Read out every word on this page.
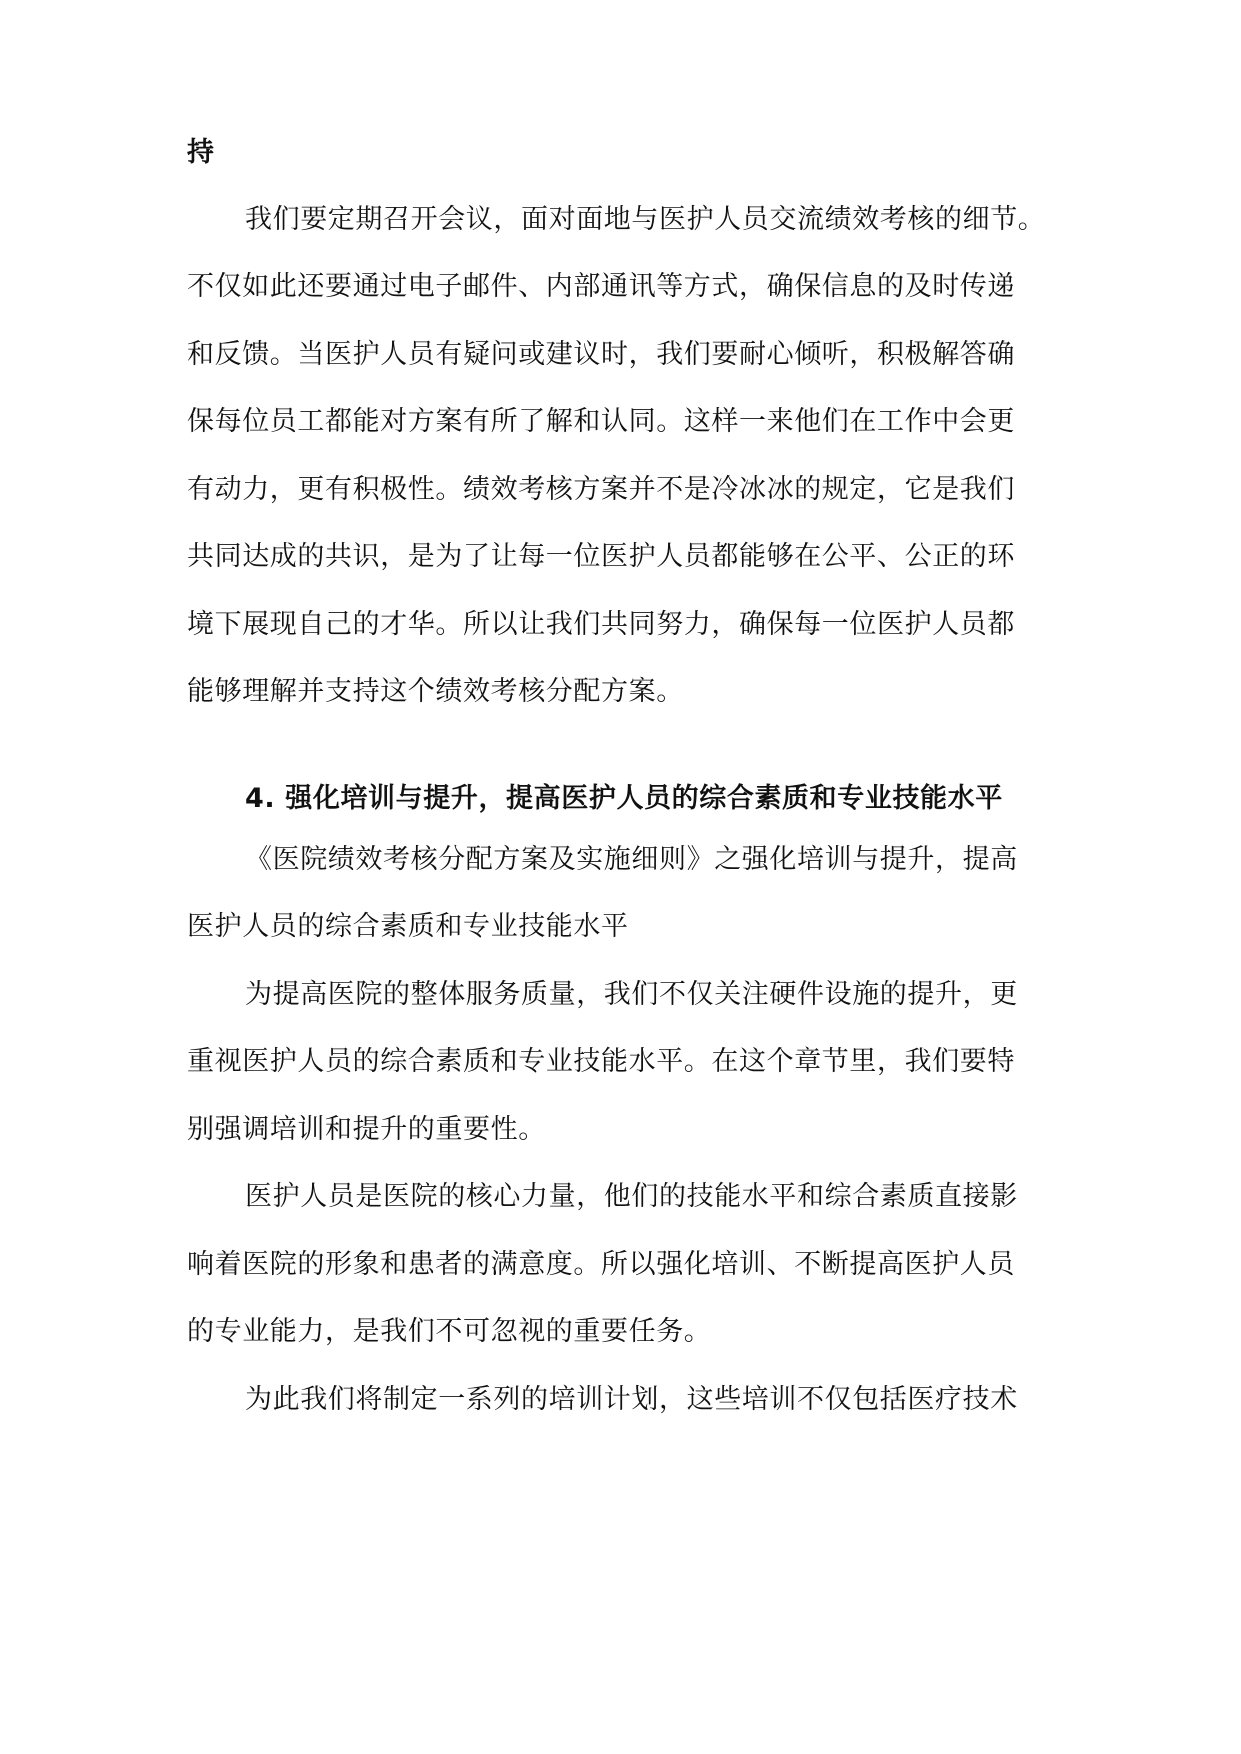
持
我们要定期召开会议，面对面地与医护人员交流绩效考核的细节。
不仅如此还要通过电子邮件、内部通讯等方式，确保信息的及时传递
和反馈。当医护人员有疑问或建议时，我们要耐心倾听，积极解答确
保每位员工都能对方案有所了解和认同。这样一来他们在工作中会更
有动力，更有积极性。绩效考核方案并不是冷冰冰的规定，它是我们
共同达成的共识，是为了让每一位医护人员都能够在公平、公正的环
境下展现自己的才华。所以让我们共同努力，确保每一位医护人员都
能够理解并支持这个绩效考核分配方案。
4. 强化培训与提升，提高医护人员的综合素质和专业技能水平
《医院绩效考核分配方案及实施细则》之强化培训与提升，提高
医护人员的综合素质和专业技能水平
为提高医院的整体服务质量，我们不仅关注硬件设施的提升，更
重视医护人员的综合素质和专业技能水平。在这个章节里，我们要特
别强调培训和提升的重要性。
医护人员是医院的核心力量，他们的技能水平和综合素质直接影
响着医院的形象和患者的满意度。所以强化培训、不断提高医护人员
的专业能力，是我们不可忽视的重要任务。
为此我们将制定一系列的培训计划，这些培训不仅包括医疗技术
